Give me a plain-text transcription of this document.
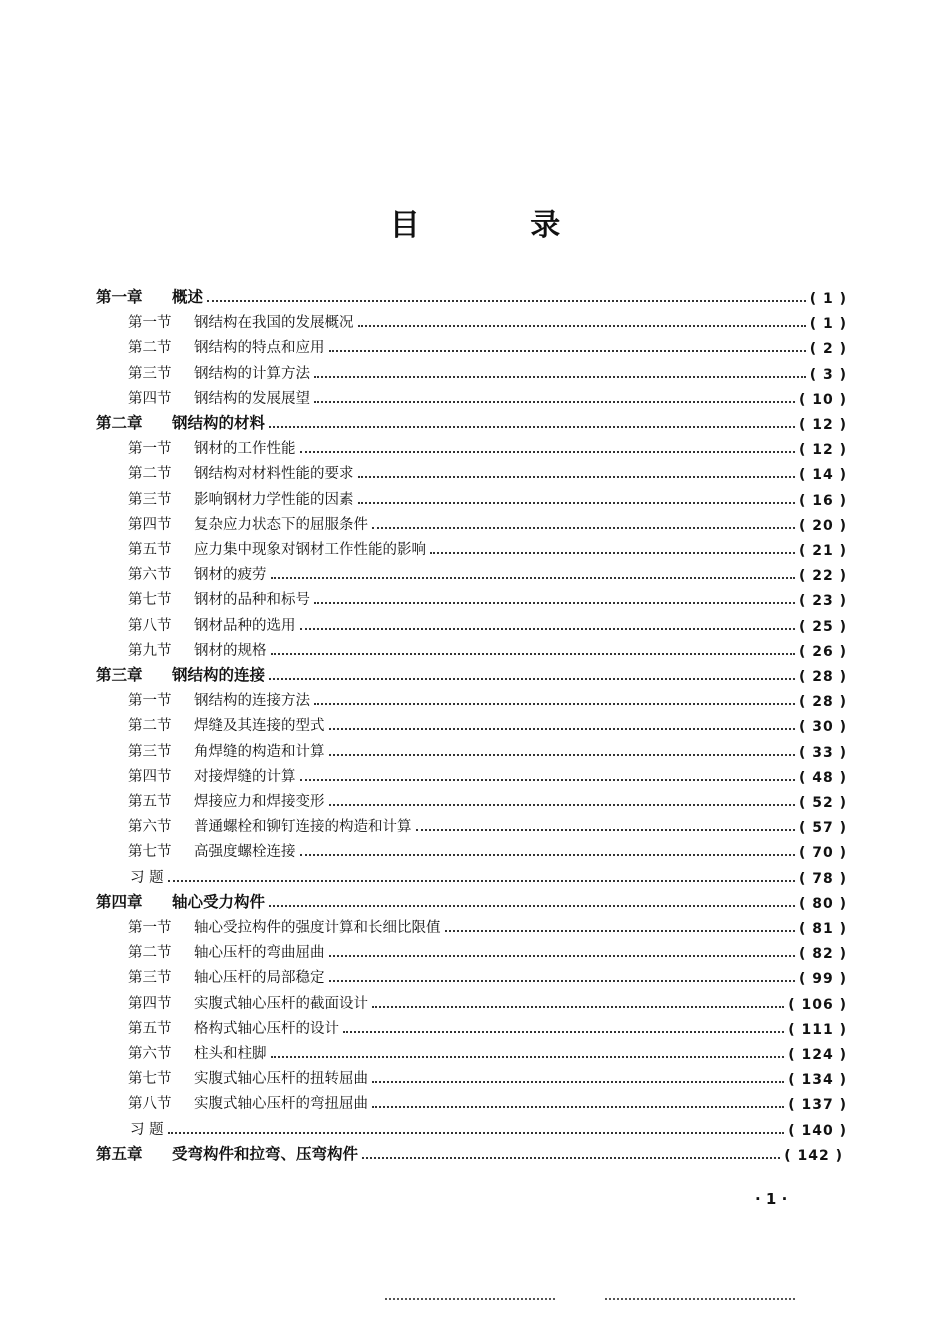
目 录
第一章	概述	( 1 )
第一节	钢结构在我国的发展概况	( 1 )
第二节	钢结构的特点和应用	( 2 )
第三节	钢结构的计算方法	( 3 )
第四节	钢结构的发展展望	( 10 )
第二章	钢结构的材料	( 12 )
第一节	钢材的工作性能	( 12 )
第二节	钢结构对材料性能的要求	( 14 )
第三节	影响钢材力学性能的因素	( 16 )
第四节	复杂应力状态下的屈服条件	( 20 )
第五节	应力集中现象对钢材工作性能的影响	( 21 )
第六节	钢材的疲劳	( 22 )
第七节	钢材的品种和标号	( 23 )
第八节	钢材品种的选用	( 25 )
第九节	钢材的规格	( 26 )
第三章	钢结构的连接	( 28 )
第一节	钢结构的连接方法	( 28 )
第二节	焊缝及其连接的型式	( 30 )
第三节	角焊缝的构造和计算	( 33 )
第四节	对接焊缝的计算	( 48 )
第五节	焊接应力和焊接变形	( 52 )
第六节	普通螺栓和铆钉连接的构造和计算	( 57 )
第七节	高强度螺栓连接	( 70 )
习 题	( 78 )
第四章	轴心受力构件	( 80 )
第一节	轴心受拉构件的强度计算和长细比限值	( 81 )
第二节	轴心压杆的弯曲屈曲	( 82 )
第三节	轴心压杆的局部稳定	( 99 )
第四节	实腹式轴心压杆的截面设计	( 106 )
第五节	格构式轴心压杆的设计	( 111 )
第六节	柱头和柱脚	( 124 )
第七节	实腹式轴心压杆的扭转屈曲	( 134 )
第八节	实腹式轴心压杆的弯扭屈曲	( 137 )
习 题	( 140 )
第五章	受弯构件和拉弯、压弯构件	( 142 )
· 1 ·
